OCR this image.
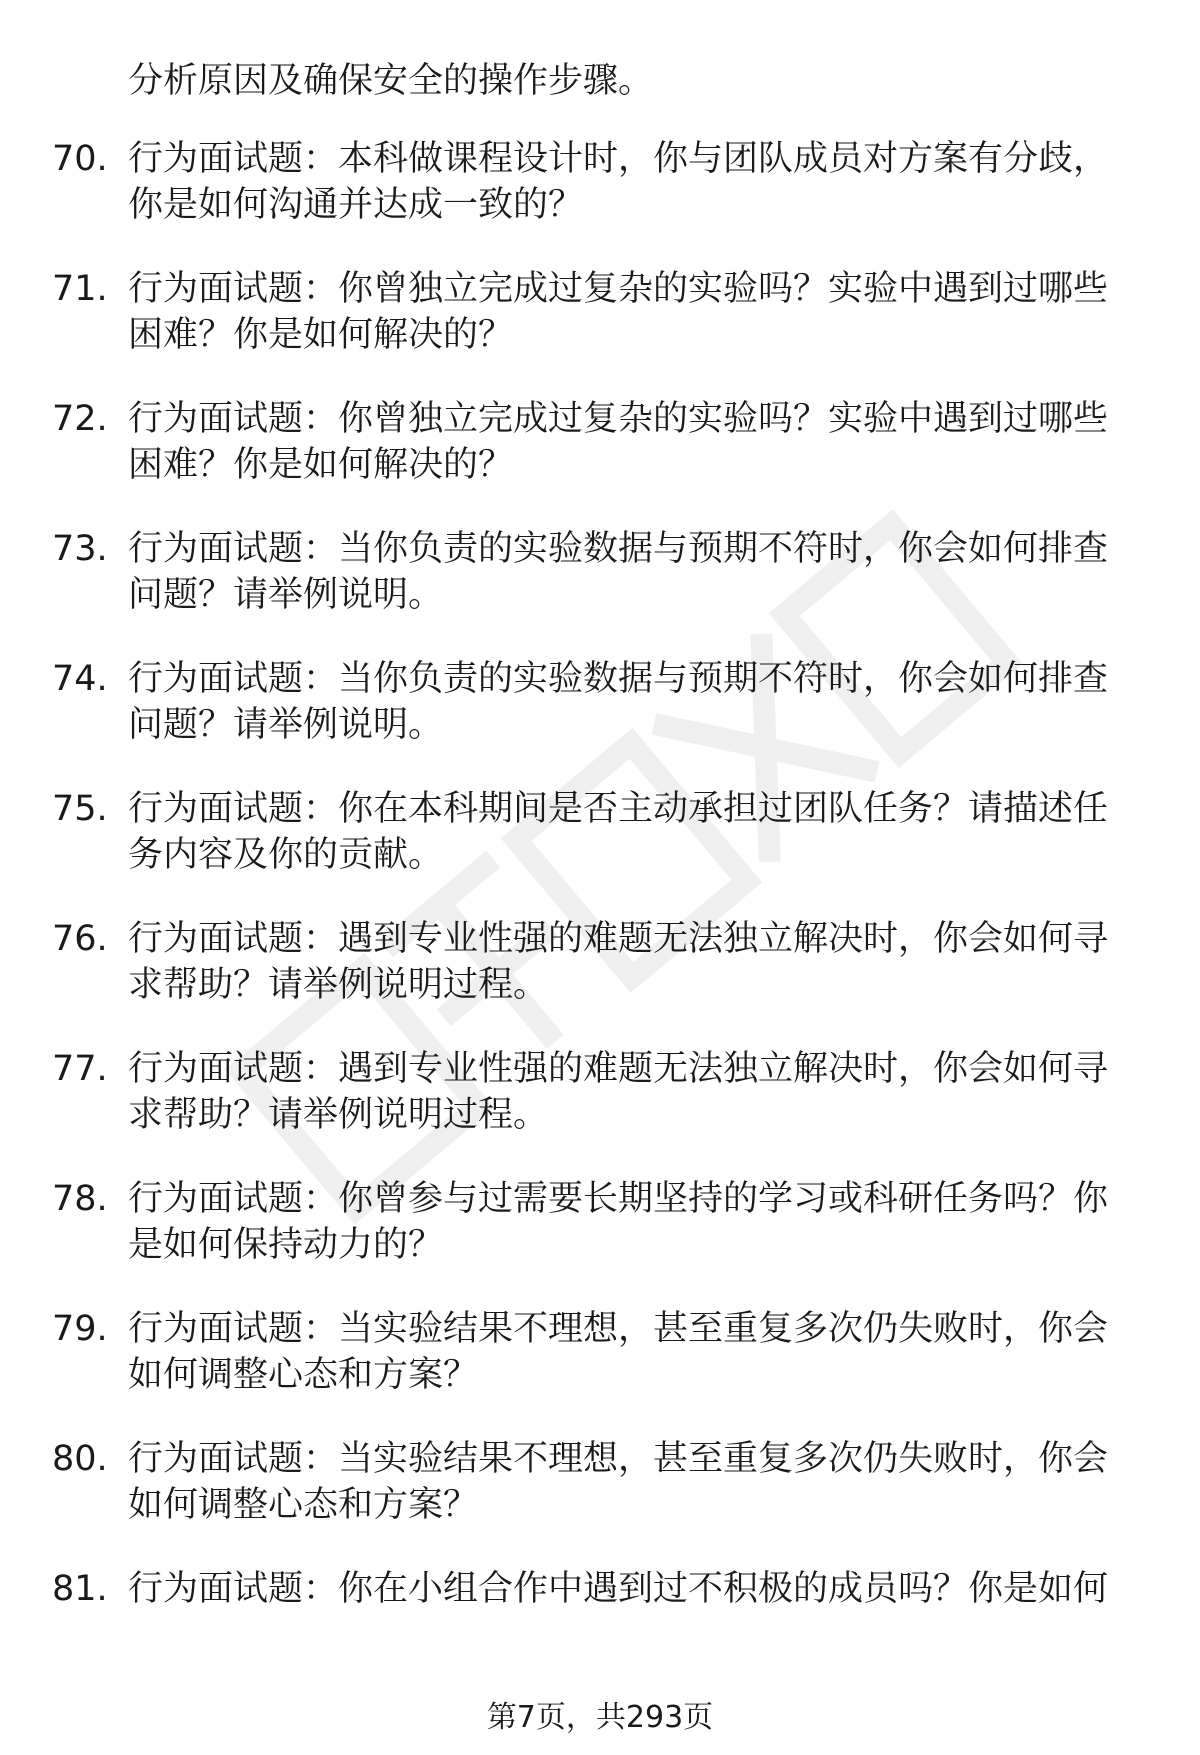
分析原因及确保安全的操作步骤。
70. 行为面试题：本科做课程设计时，你与团队成员对方案有分歧，
你是如何沟通并达成一致的？
71. 行为面试题：你曾独立完成过复杂的实验吗？实验中遇到过哪些
困难？你是如何解决的？
72. 行为面试题：你曾独立完成过复杂的实验吗？实验中遇到过哪些
困难？你是如何解决的？
73. 行为面试题：当你负责的实验数据与预期不符时，你会如何排查
问题？请举例说明。
74. 行为面试题：当你负责的实验数据与预期不符时，你会如何排查
问题？请举例说明。
75. 行为面试题：你在本科期间是否主动承担过团队任务？请描述任
务内容及你的贡献。
76. 行为面试题：遇到专业性强的难题无法独立解决时，你会如何寻
求帮助？请举例说明过程。
77. 行为面试题：遇到专业性强的难题无法独立解决时，你会如何寻
求帮助？请举例说明过程。
78. 行为面试题：你曾参与过需要长期坚持的学习或科研任务吗？你
是如何保持动力的？
79. 行为面试题：当实验结果不理想，甚至重复多次仍失败时，你会
如何调整心态和方案？
80. 行为面试题：当实验结果不理想，甚至重复多次仍失败时，你会
如何调整心态和方案？
81. 行为面试题：你在小组合作中遇到过不积极的成员吗？你是如何
第7页，共293页
